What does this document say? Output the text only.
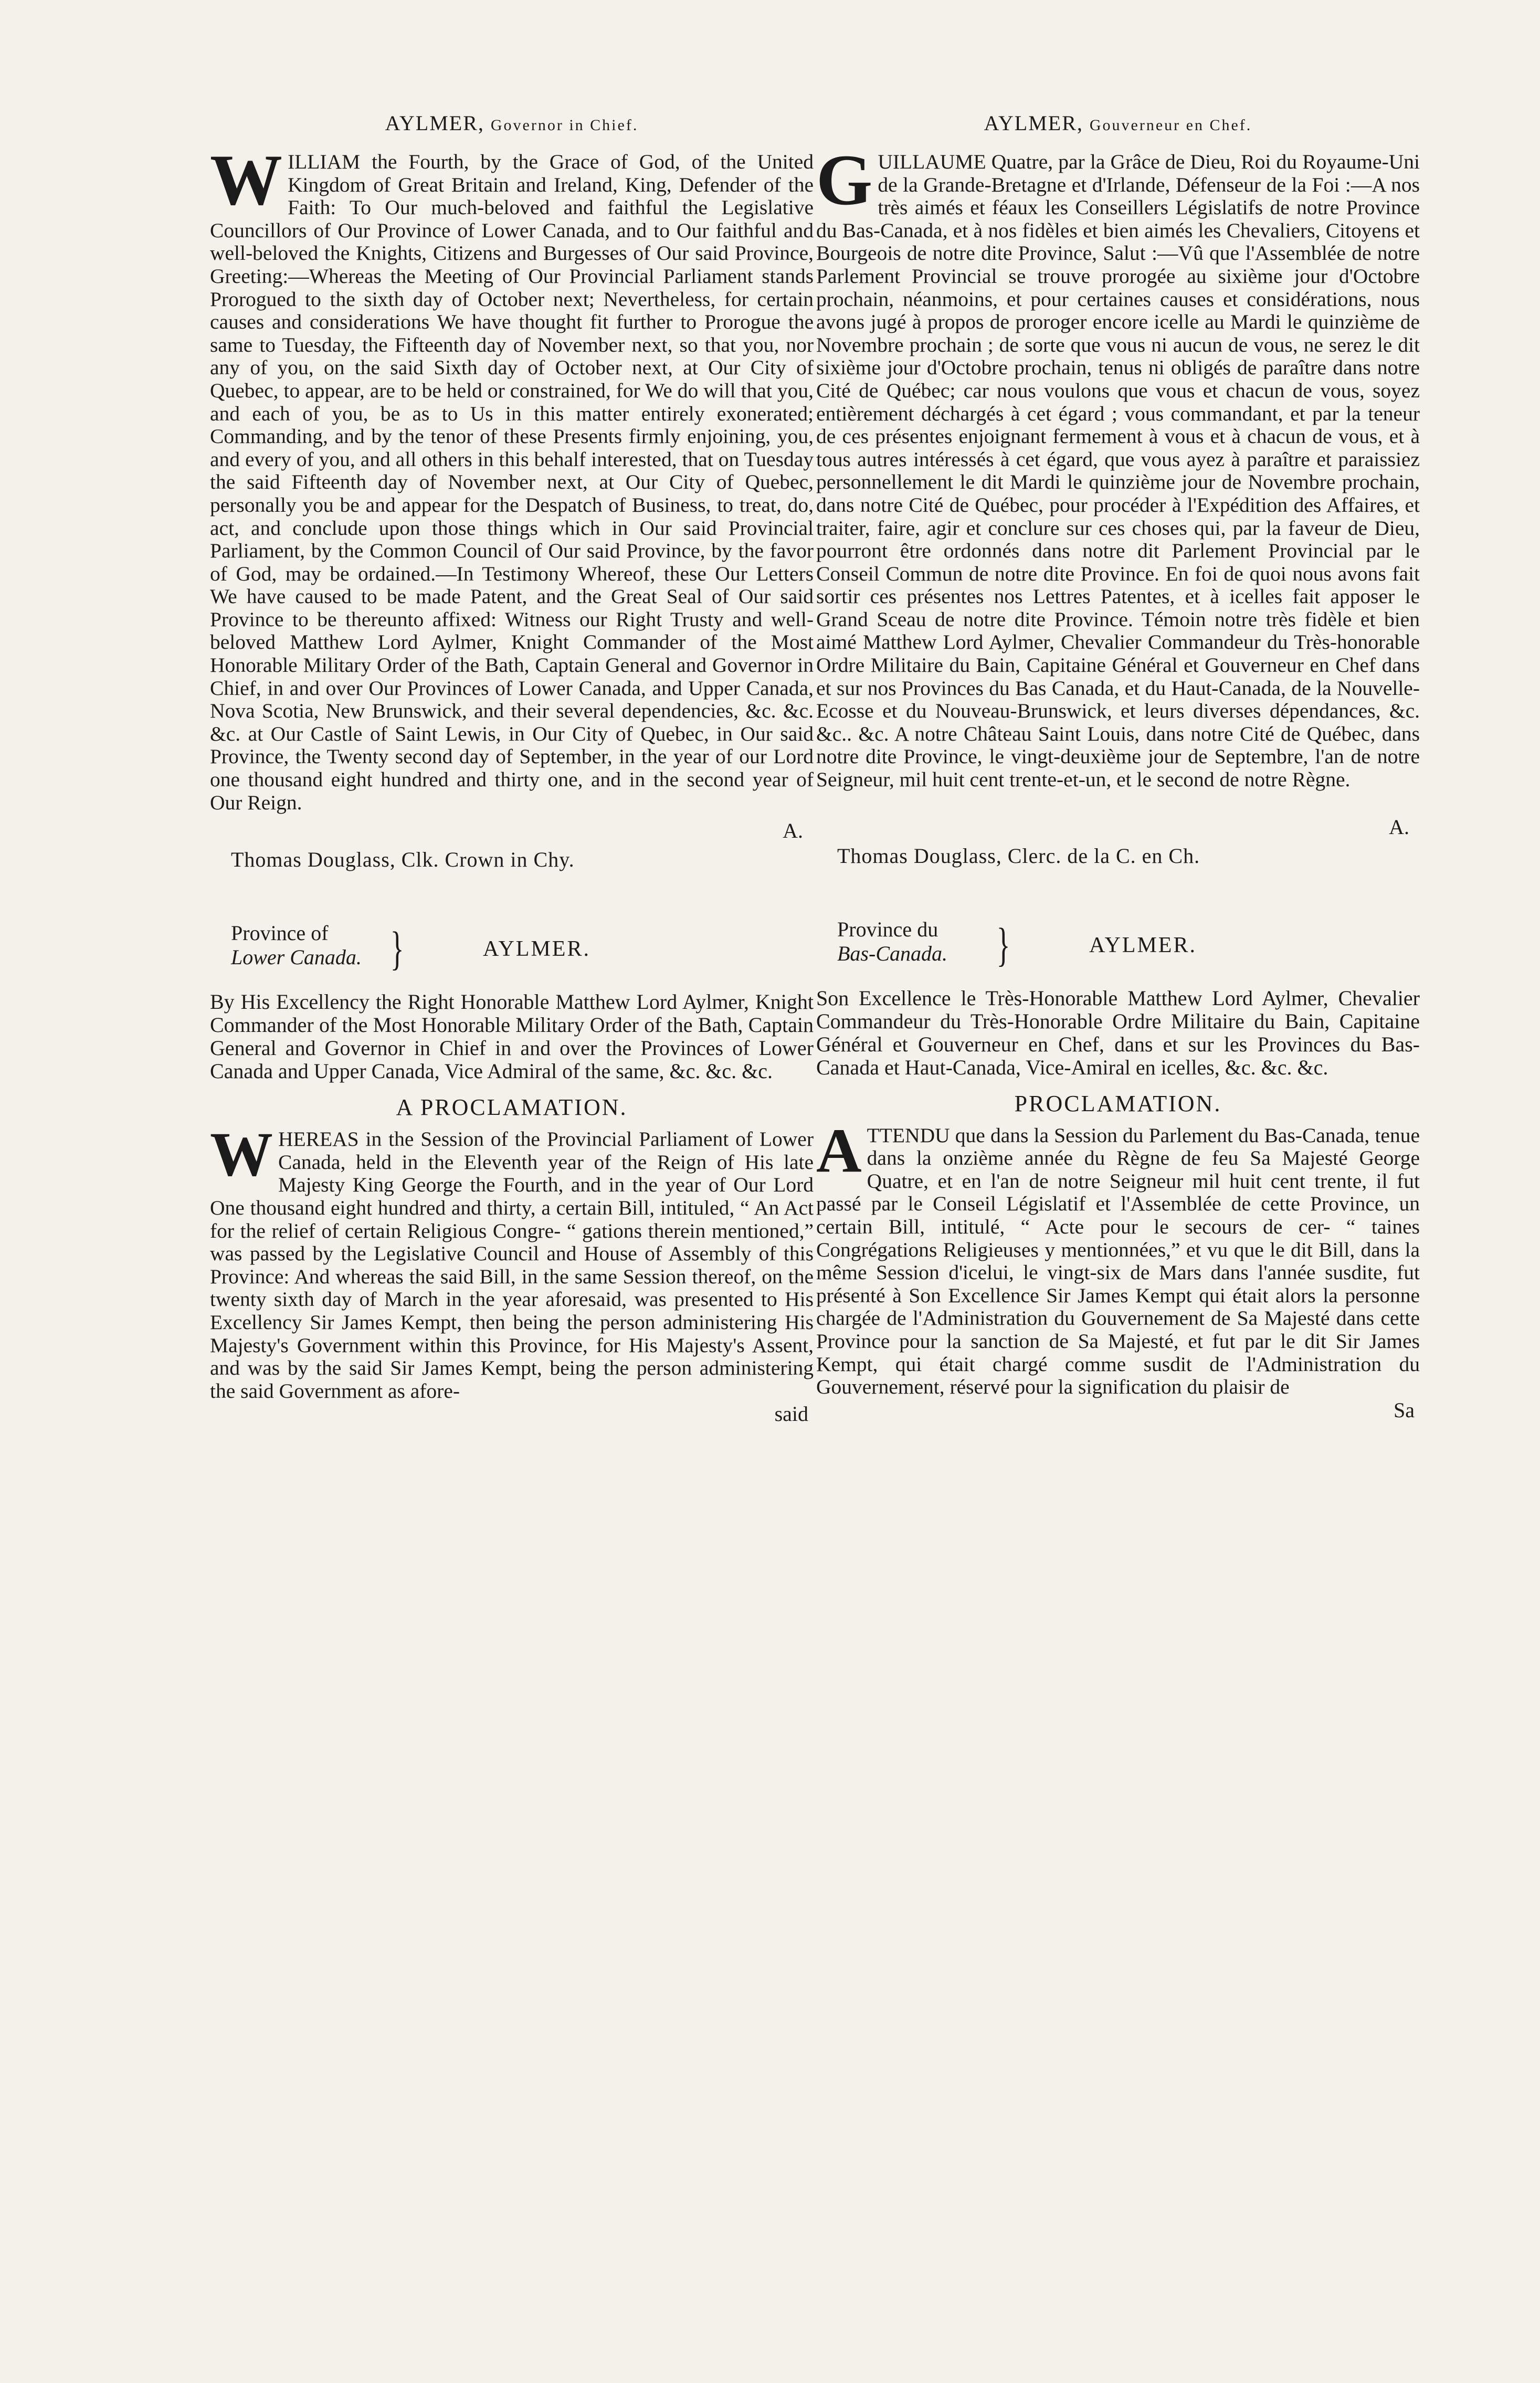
AYLMER, Governor in Chief.

W ILLIAM the Fourth, by the Grace of God, of the United Kingdom of Great Britain and Ireland, King, Defender of the Faith: To Our much-beloved and faithful the Legislative Councillors of Our Province of Lower Canada, and to Our faithful and well-beloved the Knights, Citizens and Burgesses of Our said Province, Greeting:—Whereas the Meeting of Our Provincial Parliament stands Prorogued to the sixth day of October next; Nevertheless, for certain causes and considerations We have thought fit further to Prorogue the same to Tuesday, the Fifteenth day of November next, so that you, nor any of you, on the said Sixth day of October next, at Our City of Quebec, to appear, are to be held or constrained, for We do will that you, and each of you, be as to Us in this matter entirely exonerated; Commanding, and by the tenor of these Presents firmly enjoining, you, and every of you, and all others in this behalf interested, that on Tuesday the said Fifteenth day of November next, at Our City of Quebec, personally you be and appear for the Despatch of Business, to treat, do, act, and conclude upon those things which in Our said Provincial Parliament, by the Common Council of Our said Province, by the favor of God, may be ordained.—In Testimony Whereof, these Our Letters We have caused to be made Patent, and the Great Seal of Our said Province to be thereunto affixed: Witness our Right Trusty and well-beloved Matthew Lord Aylmer, Knight Commander of the Most Honorable Military Order of the Bath, Captain General and Governor in Chief, in and over Our Provinces of Lower Canada, and Upper Canada, Nova Scotia, New Brunswick, and their several dependencies, &c. &c. &c. at Our Castle of Saint Lewis, in Our City of Quebec, in Our said Province, the Twenty second day of September, in the year of our Lord one thousand eight hundred and thirty one, and in the second year of Our Reign.

A.
Thomas Douglass, Clk. Crown in Chy.
Province of
Lower Canada. }	AYLMER.

By His Excellency the Right Honorable Matthew Lord Aylmer, Knight Commander of the Most Honorable Military Order of the Bath, Captain General and Governor in Chief in and over the Provinces of Lower Canada and Upper Canada, Vice Admiral of the same, &c. &c. &c.

A PROCLAMATION.

W HEREAS in the Session of the Provincial Parliament of Lower Canada, held in the Eleventh year of the Reign of His late Majesty King George the Fourth, and in the year of Our Lord One thousand eight hundred and thirty, a certain Bill, intituled, “ An Act for the relief of certain Religious Congre- “ gations therein mentioned,” was passed by the Legislative Council and House of Assembly of this Province: And whereas the said Bill, in the same Session thereof, on the twenty sixth day of March in the year aforesaid, was presented to His Excellency Sir James Kempt, then being the person administering His Majesty's Government within this Province, for His Majesty's Assent, and was by the said Sir James Kempt, being the person administering the said Government as afore-

said
AYLMER, Gouverneur en Chef.

G UILLAUME Quatre, par la Grâce de Dieu, Roi du Royaume-Uni de la Grande-Bretagne et d'Irlande, Défenseur de la Foi :—A nos très aimés et féaux les Conseillers Législatifs de notre Province du Bas-Canada, et à nos fidèles et bien aimés les Chevaliers, Citoyens et Bourgeois de notre dite Province, Salut :—Vû que l'Assemblée de notre Parlement Provincial se trouve prorogée au sixième jour d'Octobre prochain, néanmoins, et pour certaines causes et considérations, nous avons jugé à propos de proroger encore icelle au Mardi le quinzième de Novembre prochain ; de sorte que vous ni aucun de vous, ne serez le dit sixième jour d'Octobre prochain, tenus ni obligés de paraître dans notre Cité de Québec; car nous voulons que vous et chacun de vous, soyez entièrement déchargés à cet égard ; vous commandant, et par la teneur de ces présentes enjoignant fermement à vous et à chacun de vous, et à tous autres intéressés à cet égard, que vous ayez à paraître et paraissiez personnellement le dit Mardi le quinzième jour de Novembre prochain, dans notre Cité de Québec, pour procéder à l'Expédition des Affaires, et traiter, faire, agir et conclure sur ces choses qui, par la faveur de Dieu, pourront être ordonnés dans notre dit Parlement Provincial par le Conseil Commun de notre dite Province. En foi de quoi nous avons fait sortir ces présentes nos Lettres Patentes, et à icelles fait apposer le Grand Sceau de notre dite Province. Témoin notre très fidèle et bien aimé Matthew Lord Aylmer, Chevalier Commandeur du Très-honorable Ordre Militaire du Bain, Capitaine Général et Gouverneur en Chef dans et sur nos Provinces du Bas Canada, et du Haut-Canada, de la Nouvelle-Ecosse et du Nouveau-Brunswick, et leurs diverses dépendances, &c. &c.. &c. A notre Château Saint Louis, dans notre Cité de Québec, dans notre dite Province, le vingt-deuxième jour de Septembre, l'an de notre Seigneur, mil huit cent trente-et-un, et le second de notre Règne.

A.
Thomas Douglass, Clerc. de la C. en Ch.
Province du
Bas-Canada. }	AYLMER.

Son Excellence le Très-Honorable Matthew Lord Aylmer, Chevalier Commandeur du Très-Honorable Ordre Militaire du Bain, Capitaine Général et Gouverneur en Chef, dans et sur les Provinces du Bas-Canada et Haut-Canada, Vice-Amiral en icelles, &c. &c. &c.

PROCLAMATION.

A TTENDU que dans la Session du Parlement du Bas-Canada, tenue dans la onzième année du Règne de feu Sa Majesté George Quatre, et en l'an de notre Seigneur mil huit cent trente, il fut passé par le Conseil Législatif et l'Assemblée de cette Province, un certain Bill, intitulé, “ Acte pour le secours de cer- “ taines Congrégations Religieuses y mentionnées,” et vu que le dit Bill, dans la même Session d'icelui, le vingt-six de Mars dans l'année susdite, fut présenté à Son Excellence Sir James Kempt qui était alors la personne chargée de l'Administration du Gouvernement de Sa Majesté dans cette Province pour la sanction de Sa Majesté, et fut par le dit Sir James Kempt, qui était chargé comme susdit de l'Administration du Gouvernement, réservé pour la signification du plaisir de

Sa
